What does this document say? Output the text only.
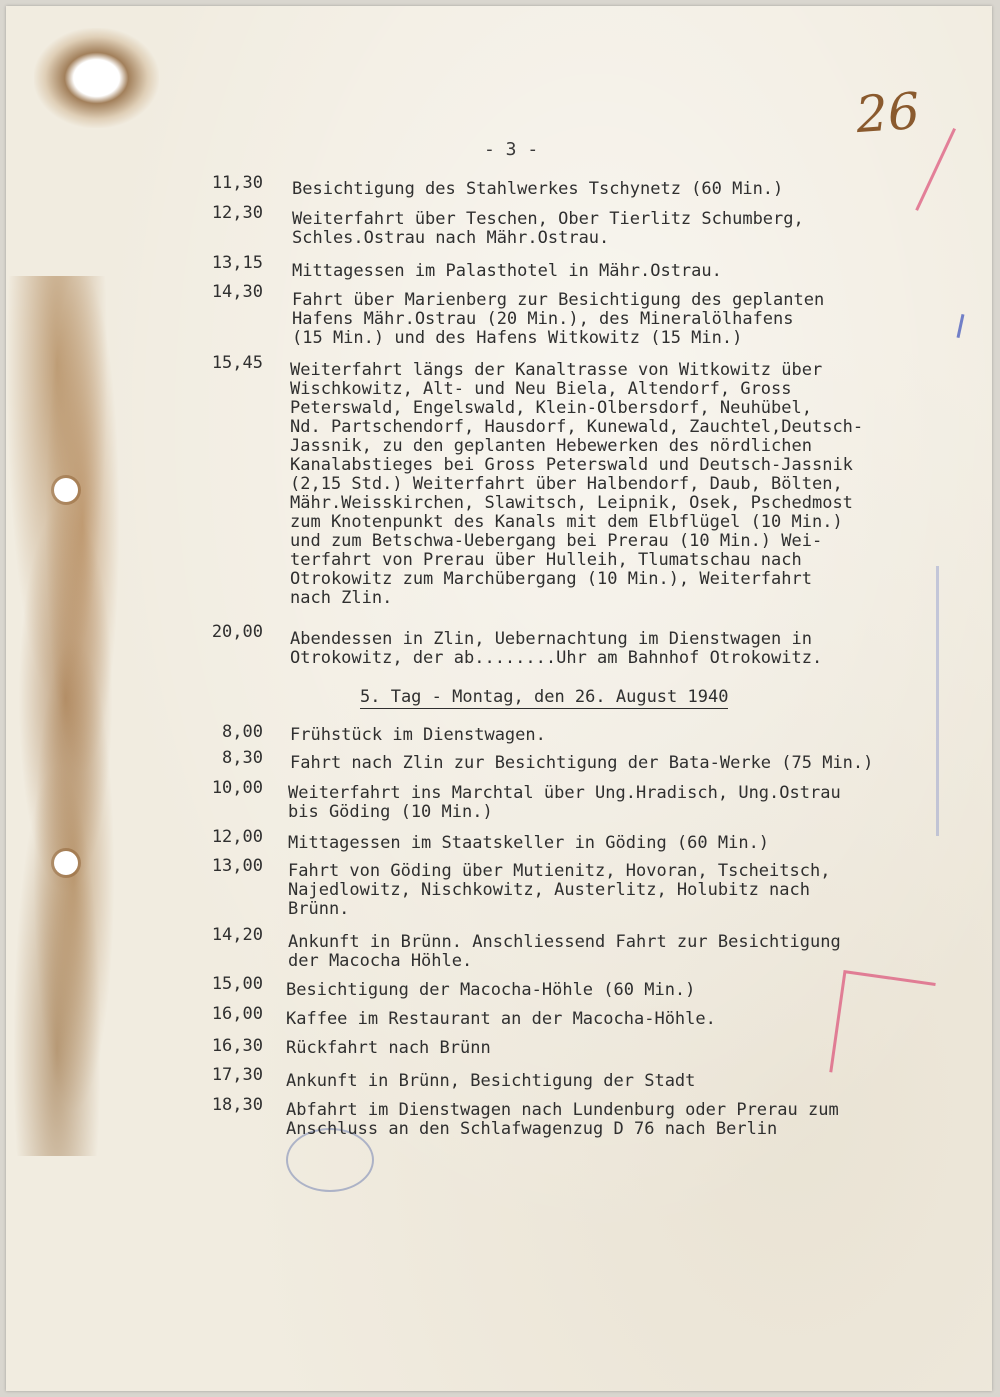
26
- 3 -
5. Tag - Montag, den 26. August 1940
11,30 Besichtigung des Stahlwerkes Tschynetz (60 Min.)
12,30 Weiterfahrt über Teschen, Ober Tierlitz Schumberg,
Schles.Ostrau nach Mähr.Ostrau.
13,15 Mittagessen im Palasthotel in Mähr.Ostrau.
14,30 Fahrt über Marienberg zur Besichtigung des geplanten
Hafens Mähr.Ostrau (20 Min.), des Mineralölhafens
(15 Min.) und des Hafens Witkowitz (15 Min.)
15,45 Weiterfahrt längs der Kanaltrasse von Witkowitz über
Wischkowitz, Alt- und Neu Biela, Altendorf, Gross
Peterswald, Engelswald, Klein-Olbersdorf, Neuhübel,
Nd. Partschendorf, Hausdorf, Kunewald, Zauchtel,Deutsch-
Jassnik, zu den geplanten Hebewerken des nördlichen
Kanalabstieges bei Gross Peterswald und Deutsch-Jassnik
(2,15 Std.) Weiterfahrt über Halbendorf, Daub, Bölten,
Mähr.Weisskirchen, Slawitsch, Leipnik, Osek, Pschedmost
zum Knotenpunkt des Kanals mit dem Elbflügel (10 Min.)
und zum Betschwa-Uebergang bei Prerau (10 Min.) Wei-
terfahrt von Prerau über Hulleih, Tlumatschau nach
Otrokowitz zum Marchübergang (10 Min.), Weiterfahrt
nach Zlin.
20,00 Abendessen in Zlin, Uebernachtung im Dienstwagen in
Otrokowitz, der ab........Uhr am Bahnhof Otrokowitz.
8,00 Frühstück im Dienstwagen.
8,30 Fahrt nach Zlin zur Besichtigung der Bata-Werke (75 Min.)
10,00 Weiterfahrt ins Marchtal über Ung.Hradisch, Ung.Ostrau
bis Göding (10 Min.)
12,00 Mittagessen im Staatskeller in Göding (60 Min.)
13,00 Fahrt von Göding über Mutienitz, Hovoran, Tscheitsch,
Najedlowitz, Nischkowitz, Austerlitz, Holubitz nach
Brünn.
14,20 Ankunft in Brünn. Anschliessend Fahrt zur Besichtigung
der Macocha Höhle.
15,00 Besichtigung der Macocha-Höhle (60 Min.)
16,00 Kaffee im Restaurant an der Macocha-Höhle.
16,30 Rückfahrt nach Brünn
17,30 Ankunft in Brünn, Besichtigung der Stadt
18,30 Abfahrt im Dienstwagen nach Lundenburg oder Prerau zum
Anschluss an den Schlafwagenzug D 76 nach Berlin
